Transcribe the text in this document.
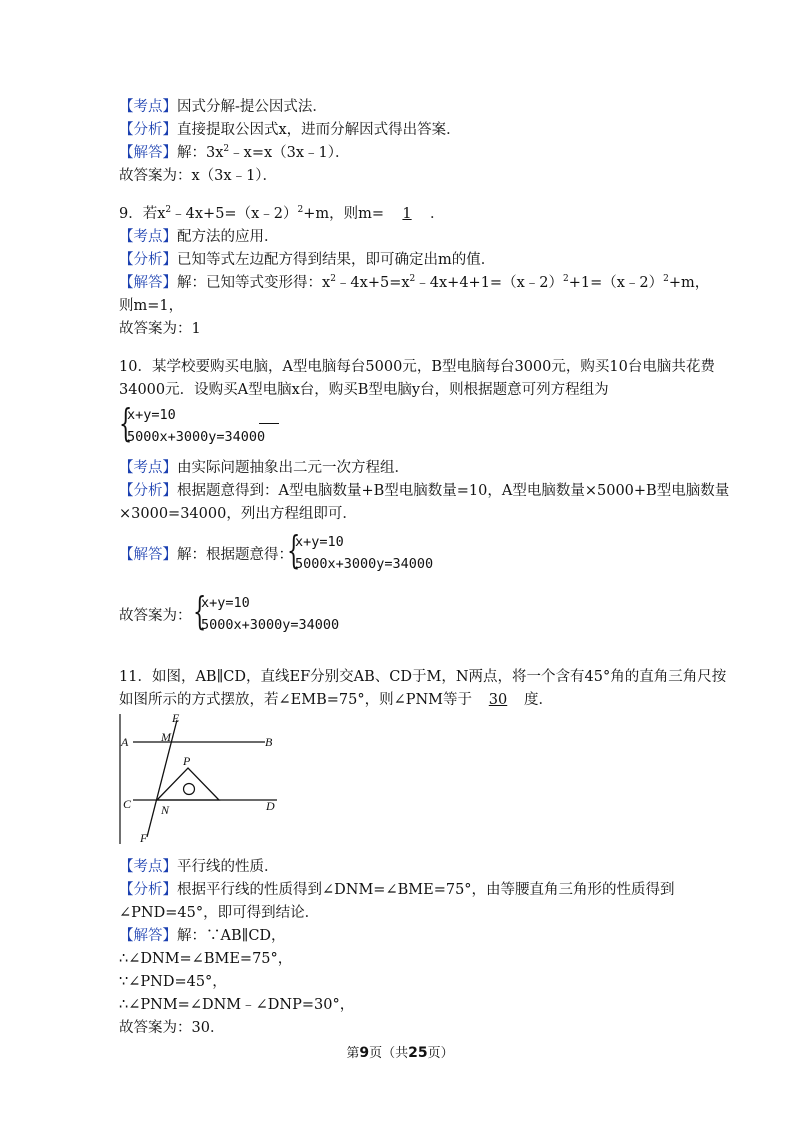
【考点】因式分解-提公因式法．
【分析】直接提取公因式x，进而分解因式得出答案．
【解答】解：$3x^2﹣x=x(3x﹣1)$．
故答案为：x（3x﹣1）．
9．若$x^2﹣4x+5=(x﹣2)^2+m$，则m= 1 ．
【考点】配方法的应用．
【分析】已知等式左边配方得到结果，即可确定出m的值．
【解答】解：已知等式变形得：$x^2﹣4x+5=x^2﹣4x+4+1=(x﹣2)^2+1=(x﹣2)^2+m$，
则m=1，
故答案为：1
10．某学校要购买电脑，A型电脑每台5000元，B型电脑每台3000元，购买10台电脑共花费
34000元．设购买A型电脑x台，购买B型电脑y台，则根据题意可列方程组为
{
x+y=10
5000x+3000y=34000
【考点】由实际问题抽象出二元一次方程组．
【分析】根据题意得到：A型电脑数量+B型电脑数量=10，A型电脑数量×5000+B型电脑数量
×3000=34000，列出方程组即可．
【解答】解：根据题意得：
{
x+y=10
5000x+3000y=34000
故答案为： {
x+y=10
5000x+3000y=34000
11．如图，AB∥CD，直线EF分别交AB、CD于M，N两点，将一个含有45°角的直角三角尺按
如图所示的方式摆放，若∠EMB=75°，则∠PNM等于 30 度．
A	B
C	D
E
F
M
N
P
【考点】平行线的性质．
【分析】根据平行线的性质得到∠DNM=∠BME=75°，由等腰直角三角形的性质得到
∠PND=45°，即可得到结论．
【解答】解：∵AB∥CD，
∴∠DNM=∠BME=75°，
∵∠PND=45°，
∴∠PNM=∠DNM﹣∠DNP=30°，
故答案为：30．
第9页（共25页）
